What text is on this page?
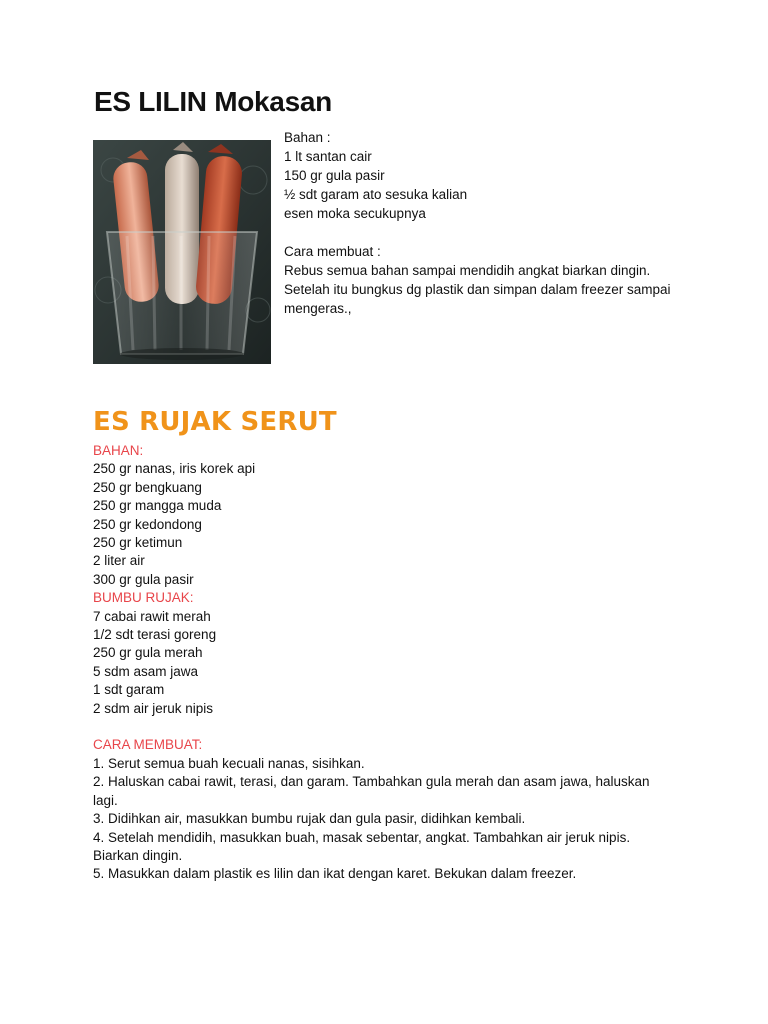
ES LILIN Mokasan
Bahan :
1 lt santan cair
150 gr gula pasir
½ sdt garam ato sesuka kalian
esen moka secukupnya
Cara membuat :
Rebus semua bahan sampai mendidih angkat biarkan dingin.
Setelah itu bungkus dg plastik dan simpan dalam freezer sampai mengeras.,
ES RUJAK SERUT
BAHAN:
250 gr nanas, iris korek api
250 gr bengkuang
250 gr mangga muda
250 gr kedondong
250 gr ketimun
2 liter air
300 gr gula pasir
BUMBU RUJAK:
7 cabai rawit merah
1/2 sdt terasi goreng
250 gr gula merah
5 sdm asam jawa
1 sdt garam
2 sdm air jeruk nipis
CARA MEMBUAT:
1. Serut semua buah kecuali nanas, sisihkan.
2. Haluskan cabai rawit, terasi, dan garam. Tambahkan gula merah dan asam jawa, haluskan lagi.
3. Didihkan air, masukkan bumbu rujak dan gula pasir, didihkan kembali.
4. Setelah mendidih, masukkan buah, masak sebentar, angkat. Tambahkan air jeruk nipis. Biarkan dingin.
5. Masukkan dalam plastik es lilin dan ikat dengan karet. Bekukan dalam freezer.
